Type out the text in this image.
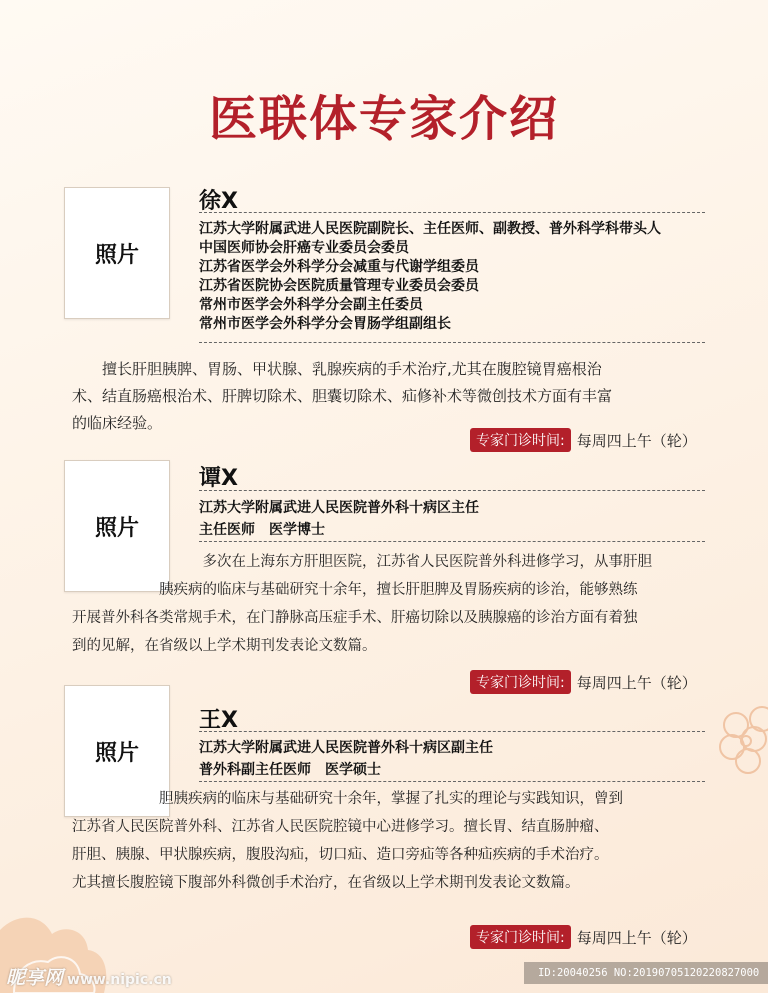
医联体专家介绍
照片
徐X
江苏大学附属武进人民医院副院长、主任医师、副教授、普外科学科带头人
中国医师协会肝癌专业委员会委员
江苏省医学会外科学分会减重与代谢学组委员
江苏省医院协会医院质量管理专业委员会委员
常州市医学会外科学分会副主任委员
常州市医学会外科学分会胃肠学组副组长
　　擅长肝胆胰脾、胃肠、甲状腺、乳腺疾病的手术治疗,尤其在腹腔镜胃癌根治
术、结直肠癌根治术、肝脾切除术、胆囊切除术、疝修补术等微创技术方面有丰富
的临床经验。
专家门诊时间: 每周四上午（轮）
照片
谭X
江苏大学附属武进人民医院普外科十病区主任
主任医师　医学博士
　　　　　　　　　多次在上海东方肝胆医院，江苏省人民医院普外科进修学习，从事肝胆
　　　　　　胰疾病的临床与基础研究十余年，擅长肝胆脾及胃肠疾病的诊治，能够熟练
开展普外科各类常规手术，在门静脉高压症手术、肝癌切除以及胰腺癌的诊治方面有着独
到的见解，在省级以上学术期刊发表论文数篇。
专家门诊时间: 每周四上午（轮）
照片
王X
江苏大学附属武进人民医院普外科十病区副主任
普外科副主任医师　医学硕士
　　　　　　胆胰疾病的临床与基础研究十余年，掌握了扎实的理论与实践知识，曾到
江苏省人民医院普外科、江苏省人民医院腔镜中心进修学习。擅长胃、结直肠肿瘤、
肝胆、胰腺、甲状腺疾病，腹股沟疝，切口疝、造口旁疝等各种疝疾病的手术治疗。
尤其擅长腹腔镜下腹部外科微创手术治疗，在省级以上学术期刊发表论文数篇。
专家门诊时间: 每周四上午（轮）
昵享网 www.nipic.cn	ID:20040256 NO:20190705120220827000
